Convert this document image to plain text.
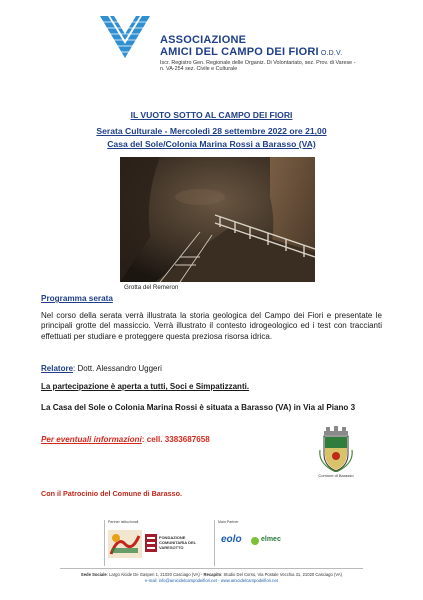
ASSOCIAZIONE
AMICI DEL CAMPO DEI FIORI O.D.V.
Iscr. Registro Gen. Regionale delle Organiz. Di Volontariato, sez. Prov. di Varese - n. VA-254 sez. Civile e Culturale
IL VUOTO SOTTO AL CAMPO DEI FIORI
Serata Culturale - Mercoledì 28 settembre 2022 ore 21,00
Casa del Sole/Colonia Marina Rossi a Barasso (VA)
Grotta del Remeron
Programma serata
Nel corso della serata verrà illustrata la storia geologica del Campo dei Fiori e presentate le principali grotte del massiccio. Verrà illustrato il contesto idrogeologico ed i test con traccianti effettuati per studiare e proteggere questa preziosa risorsa idrica.
Relatore: Dott. Alessandro Uggeri
La partecipazione è aperta a tutti, Soci e Simpatizzanti.
La Casa del Sole o Colonia Marina Rossi è situata a Barasso (VA) in Via al Piano 3
Per eventuali informazioni: cell. 3383687658
Comune di Barasso
Con il Patrocinio del Comune di Barasso.
Partner istituzionali
FONDAZIONE COMUNITARIA DEL VARESOTTO
Main Partner
eolo	elmec
Sede Sociale: Largo Alcide De Gasperi 1, 21020 Casciago (VA) - Recapito: Studio Del Corso, Via Postale Vecchia 31, 21020 Casciago (VA)
e-mail: info@amicidelcampodeifiori.net - www.amicidelcampodeifiori.net
